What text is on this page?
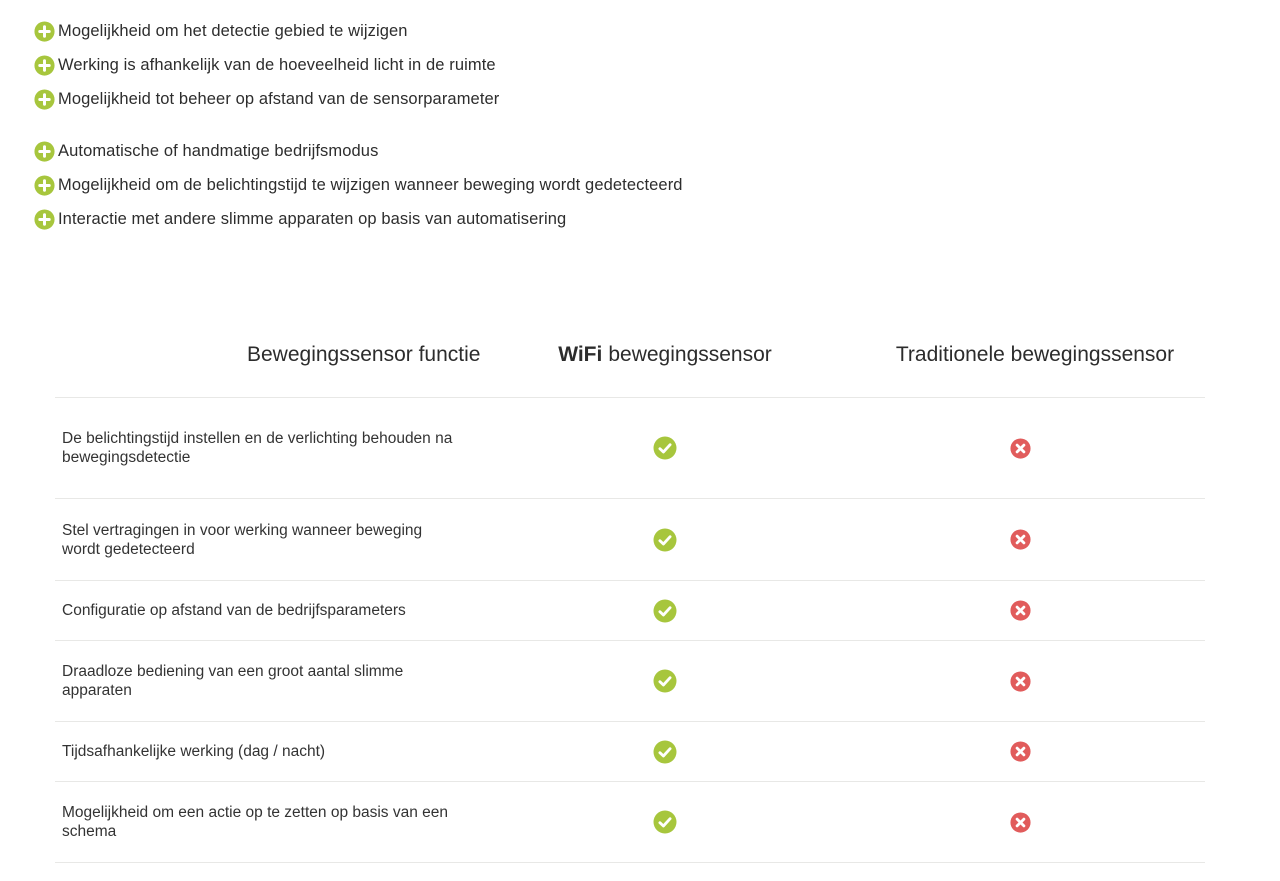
Mogelijkheid om het detectie gebied te wijzigen
Werking is afhankelijk van de hoeveelheid licht in de ruimte
Mogelijkheid tot beheer op afstand van de sensorparameter
Automatische of handmatige bedrijfsmodus
Mogelijkheid om de belichtingstijd te wijzigen wanneer beweging wordt gedetecteerd
Interactie met andere slimme apparaten op basis van automatisering
Bewegingssensor functie	WiFi bewegingssensor	Traditionele bewegingssensor
De belichtingstijd instellen en de verlichting behouden na bewegingsdetectie
Stel vertragingen in voor werking wanneer beweging wordt gedetecteerd
Configuratie op afstand van de bedrijfsparameters
Draadloze bediening van een groot aantal slimme apparaten
Tijdsafhankelijke werking (dag / nacht)
Mogelijkheid om een actie op te zetten op basis van een schema
